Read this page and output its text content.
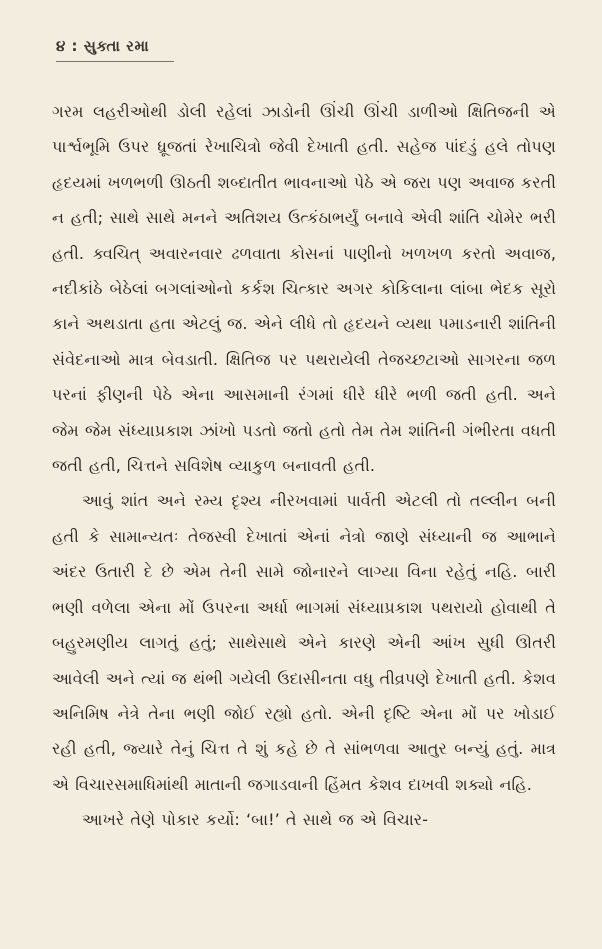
૪ : સુક્તા રમા

ગરમ લહરીઓથી ડોલી રહેલાં ઝાડોની ઊંચી ઊંચી ડાળીઓ ક્ષિતિજની એ પાર્શ્વભૂમિ ઉપર ધ્રૂજતાં રેખાચિત્રો જેવી દેખાતી હતી. સહેજ પાંદડું હલે તોપણ હૃદયમાં ખળભળી ઊઠતી શબ્દાતીત ભાવનાઓ પેઠે એ જરા પણ અવાજ કરતી ન હતી; સાથે સાથે મનને અતિશય ઉત્કંઠાભર્યું બનાવે એવી શાંતિ ચોમેર ભરી હતી. ક્વચિત્ અવારનવાર ઢળવાતા કોસનાં પાણીનો ખળખળ કરતો અવાજ, નદીકાંઠે બેઠેલાં બગલાંઓનો કર્કશ ચિત્કાર અગર કોકિલાના લાંબા ભેદક સૂરો કાને અથડાતા હતા એટલું જ. એને લીધે તો હૃદયને વ્યથા પમાડનારી શાંતિની સંવેદનાઓ માત્ર બેવડાતી. ક્ષિતિજ પર પથરાયેલી તેજચ્છટાઓ સાગરના જળ પરનાં ફીણની પેઠે એના આસમાની રંગમાં ધીરે ધીરે ભળી જતી હતી. અને જેમ જેમ સંધ્યાપ્રકાશ ઝાંખો પડતો જતો હતો તેમ તેમ શાંતિની ગંભીરતા વધતી જતી હતી, ચિત્તને સવિશેષ વ્યાકુળ બનાવતી હતી.

આવું શાંત અને રમ્ય દૃશ્ય નીરખવામાં પાર્વતી એટલી તો તલ્લીન બની હતી કે સામાન્યતઃ તેજસ્વી દેખાતાં એનાં નેત્રો જાણે સંધ્યાની જ આભાને અંદર ઉતારી દે છે એમ તેની સામે જોનારને લાગ્યા વિના રહેતું નહિ. બારી ભણી વળેલા એના મોં ઉપરના અર્ધા ભાગમાં સંધ્યાપ્રકાશ પથરાયો હોવાથી તે બહુરમણીય લાગતું હતું; સાથેસાથે એને કારણે એની આંખ સુધી ઊતરી આવેલી અને ત્યાં જ થંભી ગયેલી ઉદાસીનતા વધુ તીવ્રપણે દેખાતી હતી. કેશવ અનિમિષ નેત્રે તેના ભણી જોઈ રહ્યો હતો. એની દૃષ્ટિ એના મોં પર ખોડાઈ રહી હતી, જ્યારે તેનું ચિત્ત તે શું કહે છે તે સાંભળવા આતુર બન્યું હતું. માત્ર એ વિચારસમાધિમાંથી માતાની જગાડવાની હિંમત કેશવ દાખવી શક્યો નહિ.

આખરે તેણે પોકાર કર્યો: ‘બા!’ તે સાથે જ એ વિચાર-
